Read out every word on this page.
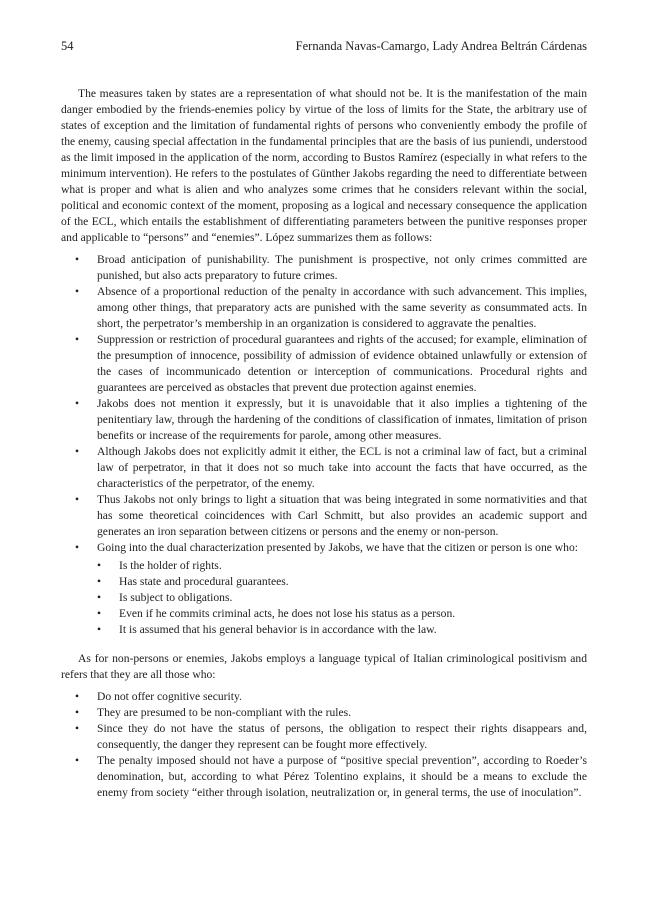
54	Fernanda Navas-Camargo, Lady Andrea Beltrán Cárdenas

The measures taken by states are a representation of what should not be. It is the manifestation of the main danger embodied by the friends-enemies policy by virtue of the loss of limits for the State, the arbitrary use of states of exception and the limitation of fundamental rights of persons who conveniently embody the profile of the enemy, causing special affectation in the fundamental principles that are the basis of ius puniendi, understood as the limit imposed in the application of the norm, according to Bustos Ramírez (especially in what refers to the minimum intervention). He refers to the postulates of Günther Jakobs regarding the need to differentiate between what is proper and what is alien and who analyzes some crimes that he considers relevant within the social, political and economic context of the moment, proposing as a logical and necessary consequence the application of the ECL, which entails the establishment of differentiating parameters between the punitive responses proper and applicable to “persons” and “enemies”. López summarizes them as follows:

• Broad anticipation of punishability. The punishment is prospective, not only crimes committed are punished, but also acts preparatory to future crimes.
• Absence of a proportional reduction of the penalty in accordance with such advancement. This implies, among other things, that preparatory acts are punished with the same severity as consummated acts. In short, the perpetrator’s membership in an organization is considered to aggravate the penalties.
• Suppression or restriction of procedural guarantees and rights of the accused; for example, elimination of the presumption of innocence, possibility of admission of evidence obtained unlawfully or extension of the cases of incommunicado detention or interception of communications. Procedural rights and guarantees are perceived as obstacles that prevent due protection against enemies.
• Jakobs does not mention it expressly, but it is unavoidable that it also implies a tightening of the penitentiary law, through the hardening of the conditions of classification of inmates, limitation of prison benefits or increase of the requirements for parole, among other measures.
• Although Jakobs does not explicitly admit it either, the ECL is not a criminal law of fact, but a criminal law of perpetrator, in that it does not so much take into account the facts that have occurred, as the characteristics of the perpetrator, of the enemy.
• Thus Jakobs not only brings to light a situation that was being integrated in some normativities and that has some theoretical coincidences with Carl Schmitt, but also provides an academic support and generates an iron separation between citizens or persons and the enemy or non-person.
• Going into the dual characterization presented by Jakobs, we have that the citizen or person is one who:
• Is the holder of rights.
• Has state and procedural guarantees.
• Is subject to obligations.
• Even if he commits criminal acts, he does not lose his status as a person.
• It is assumed that his general behavior is in accordance with the law.

As for non-persons or enemies, Jakobs employs a language typical of Italian criminological positivism and refers that they are all those who:

• Do not offer cognitive security.
• They are presumed to be non-compliant with the rules.
• Since they do not have the status of persons, the obligation to respect their rights disappears and, consequently, the danger they represent can be fought more effectively.
• The penalty imposed should not have a purpose of “positive special prevention”, according to Roeder’s denomination, but, according to what Pérez Tolentino explains, it should be a means to exclude the enemy from society “either through isolation, neutralization or, in general terms, the use of inoculation”.
